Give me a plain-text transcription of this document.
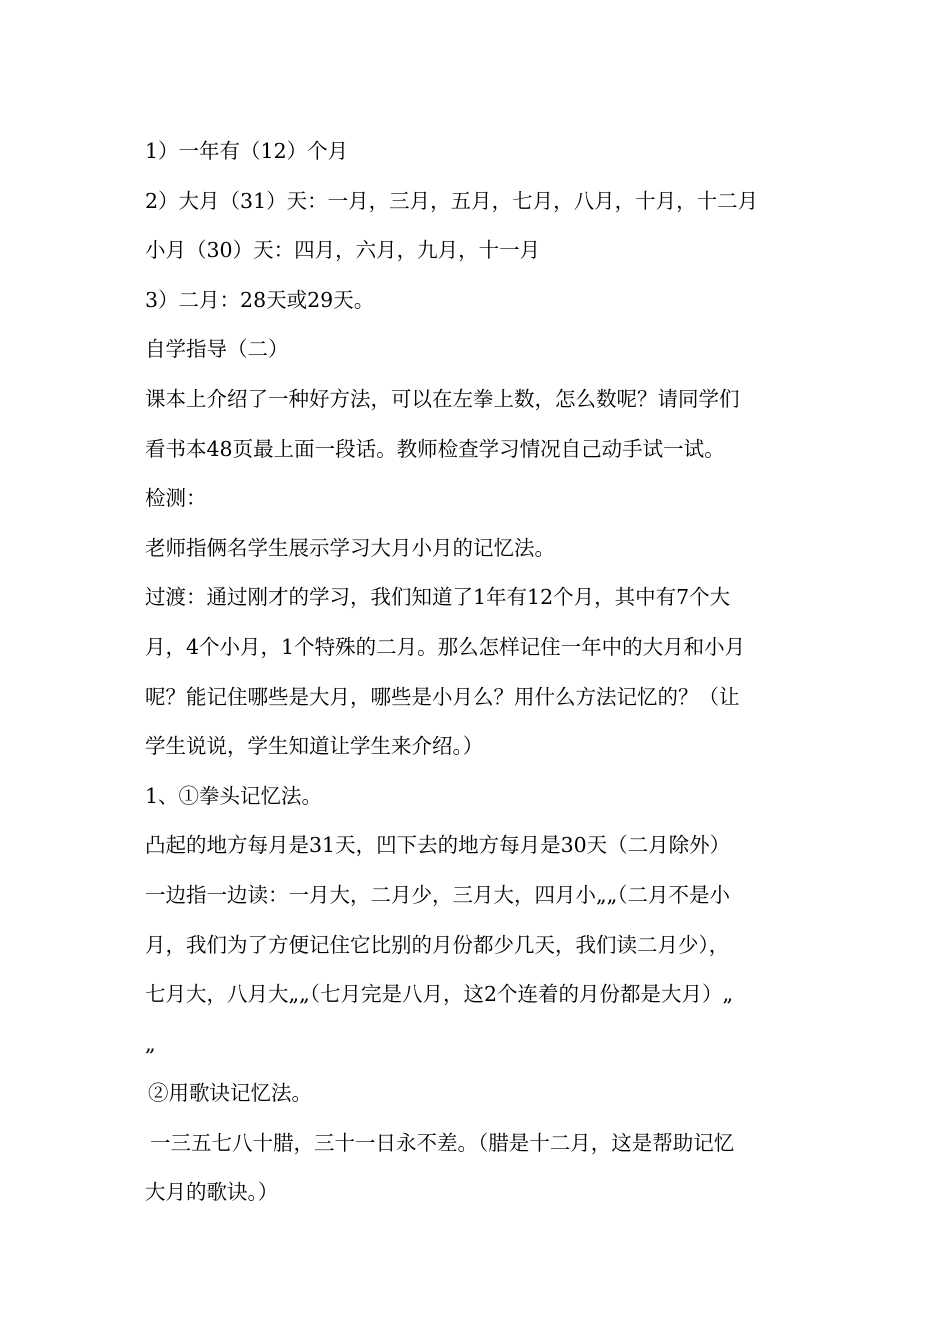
1）一年有（12）个月
2）大月（31）天：一月，三月，五月，七月，八月，十月，十二月
小月（30）天：四月，六月，九月，十一月
3）二月：28天或29天。
自学指导（二）
课本上介绍了一种好方法，可以在左拳上数，怎么数呢？请同学们
看书本48页最上面一段话。教师检查学习情况自己动手试一试。
检测：
老师指俩名学生展示学习大月小月的记忆法。
过渡：通过刚才的学习，我们知道了1年有12个月，其中有7个大
月，4个小月，1个特殊的二月。那么怎样记住一年中的大月和小月
呢？能记住哪些是大月，哪些是小月么？用什么方法记忆的？（让
学生说说，学生知道让学生来介绍。）
1、①拳头记忆法。
凸起的地方每月是31天，凹下去的地方每月是30天（二月除外）
一边指一边读：一月大，二月少，三月大，四月小„„（二月不是小
月，我们为了方便记住它比别的月份都少几天，我们读二月少），
七月大，八月大„„（七月完是八月，这2个连着的月份都是大月）„
„
②用歌诀记忆法。
一三五七八十腊，三十一日永不差。（腊是十二月，这是帮助记忆
大月的歌诀。）
